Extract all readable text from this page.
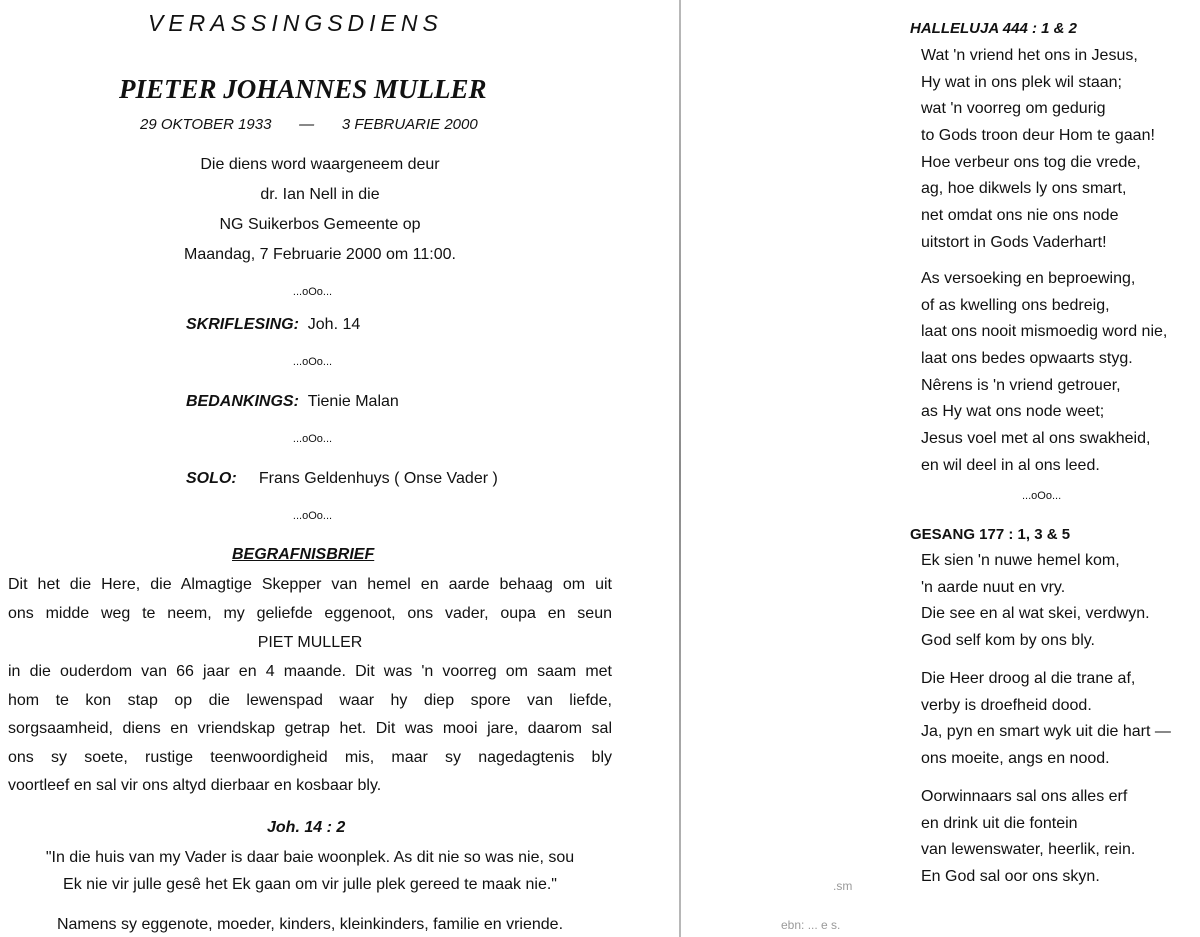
VERASSINGSDIENS
PIETER JOHANNES MULLER
29 OKTOBER 1933 — 3 FEBRUARIE 2000
Die diens word waargeneem deur
dr. Ian Nell in die
NG Suikerbos Gemeente op
Maandag, 7 Februarie 2000 om 11:00.
...oOo...
SKRIFLESING: Joh. 14
...oOo...
BEDANKINGS: Tienie Malan
...oOo...
SOLO: Frans Geldenhuys ( Onse Vader )
...oOo...
BEGRAFNISBRIEF
Dit het die Here, die Almagtige Skepper van hemel en aarde behaag om uit
ons midde weg te neem, my geliefde eggenoot, ons vader, oupa en seun
PIET MULLER
in die ouderdom van 66 jaar en 4 maande. Dit was 'n voorreg om saam met
hom te kon stap op die lewenspad waar hy diep spore van liefde,
sorgsaamheid, diens en vriendskap getrap het. Dit was mooi jare, daarom sal
ons sy soete, rustige teenwoordigheid mis, maar sy nagedagtenis bly
voortleef en sal vir ons altyd dierbaar en kosbaar bly.
Joh. 14 : 2
"In die huis van my Vader is daar baie woonplek. As dit nie so was nie, sou
Ek nie vir julle gesê het Ek gaan om vir julle plek gereed te maak nie."
Namens sy eggenote, moeder, kinders, kleinkinders, familie en vriende.
HALLELUJA 444 : 1 & 2
Wat 'n vriend het ons in Jesus,
Hy wat in ons plek wil staan;
wat 'n voorreg om gedurig
to Gods troon deur Hom te gaan!
Hoe verbeur ons tog die vrede,
ag, hoe dikwels ly ons smart,
net omdat ons nie ons node
uitstort in Gods Vaderhart!
As versoeking en beproewing,
of as kwelling ons bedreig,
laat ons nooit mismoedig word nie,
laat ons bedes opwaarts styg.
Nêrens is 'n vriend getrouer,
as Hy wat ons node weet;
Jesus voel met al ons swakheid,
en wil deel in al ons leed.
...oOo...
GESANG 177 : 1, 3 & 5
Ek sien 'n nuwe hemel kom,
'n aarde nuut en vry.
Die see en al wat skei, verdwyn.
God self kom by ons bly.
Die Heer droog al die trane af,
verby is droefheid dood.
Ja, pyn en smart wyk uit die hart —
ons moeite, angs en nood.
Oorwinnaars sal ons alles erf
en drink uit die fontein
van lewenswater, heerlik, rein.
En God sal oor ons skyn.
.sm
ebn: ... e s.
